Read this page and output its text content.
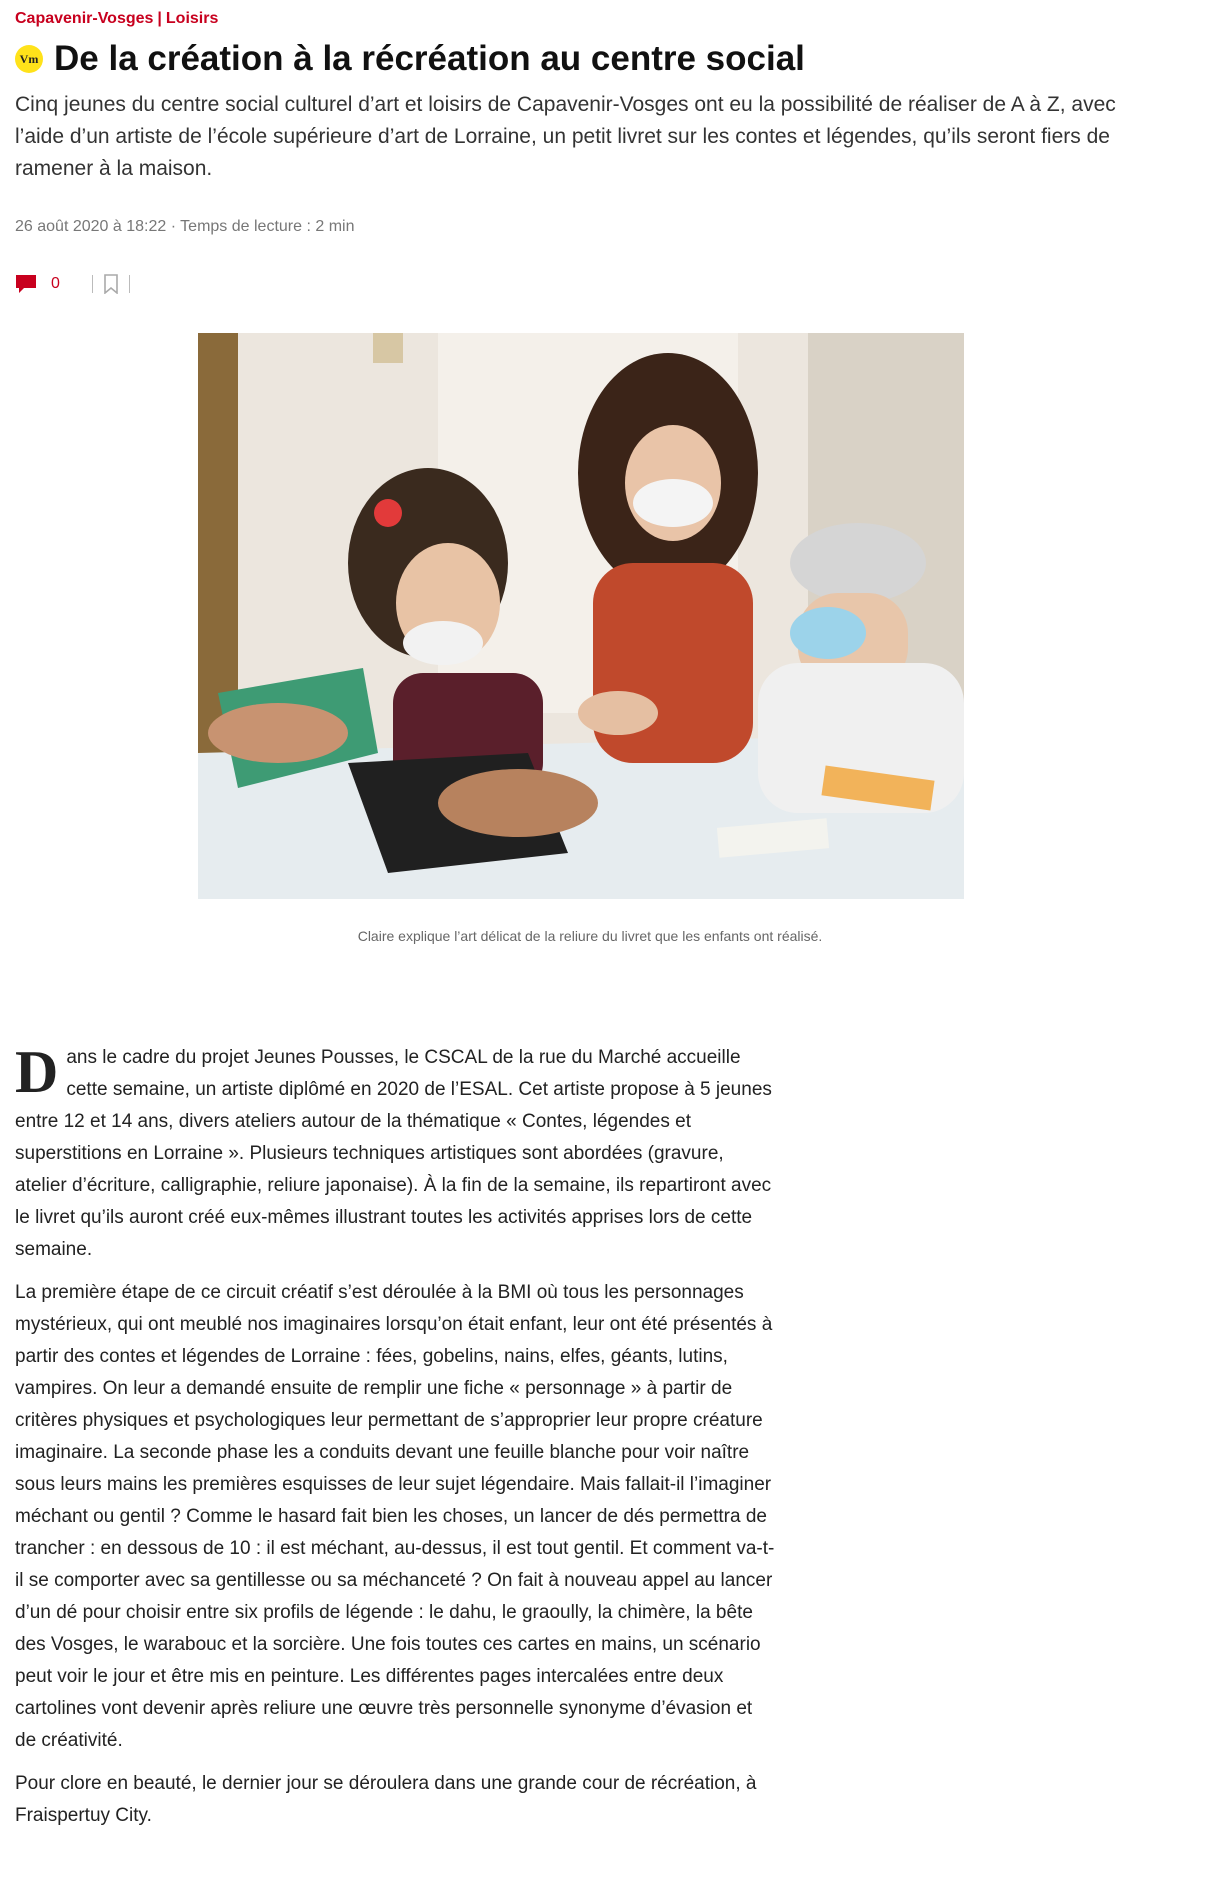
Capavenir-Vosges | Loisirs
Vm De la création à la récréation au centre social

Cinq jeunes du centre social culturel d’art et loisirs de Capavenir-Vosges ont eu la possibilité de réaliser de A à Z, avec l’aide d’un artiste de l’école supérieure d’art de Lorraine, un petit livret sur les contes et légendes, qu’ils seront fiers de ramener à la maison.

26 août 2020 à 18:22 · Temps de lecture : 2 min
0
Claire explique l’art délicat de la reliure du livret que les enfants ont réalisé.

Dans le cadre du projet Jeunes Pousses, le CSCAL de la rue du Marché accueille cette semaine, un artiste diplômé en 2020 de l’ESAL. Cet artiste propose à 5 jeunes entre 12 et 14 ans, divers ateliers autour de la thématique « Contes, légendes et superstitions en Lorraine ». Plusieurs techniques artistiques sont abordées (gravure, atelier d’écriture, calligraphie, reliure japonaise). À la fin de la semaine, ils repartiront avec le livret qu’ils auront créé eux-mêmes illustrant toutes les activités apprises lors de cette semaine.

La première étape de ce circuit créatif s’est déroulée à la BMI où tous les personnages mystérieux, qui ont meublé nos imaginaires lorsqu’on était enfant, leur ont été présentés à partir des contes et légendes de Lorraine : fées, gobelins, nains, elfes, géants, lutins, vampires. On leur a demandé ensuite de remplir une fiche « personnage » à partir de critères physiques et psychologiques leur permettant de s’approprier leur propre créature imaginaire. La seconde phase les a conduits devant une feuille blanche pour voir naître sous leurs mains les premières esquisses de leur sujet légendaire. Mais fallait-il l’imaginer méchant ou gentil ? Comme le hasard fait bien les choses, un lancer de dés permettra de trancher : en dessous de 10 : il est méchant, au-dessus, il est tout gentil. Et comment va-t-il se comporter avec sa gentillesse ou sa méchanceté ? On fait à nouveau appel au lancer d’un dé pour choisir entre six profils de légende : le dahu, le graoully, la chimère, la bête des Vosges, le warabouc et la sorcière. Une fois toutes ces cartes en mains, un scénario peut voir le jour et être mis en peinture. Les différentes pages intercalées entre deux cartolines vont devenir après reliure une œuvre très personnelle synonyme d’évasion et de créativité.

Pour clore en beauté, le dernier jour se déroulera dans une grande cour de récréation, à Fraispertuy City.
